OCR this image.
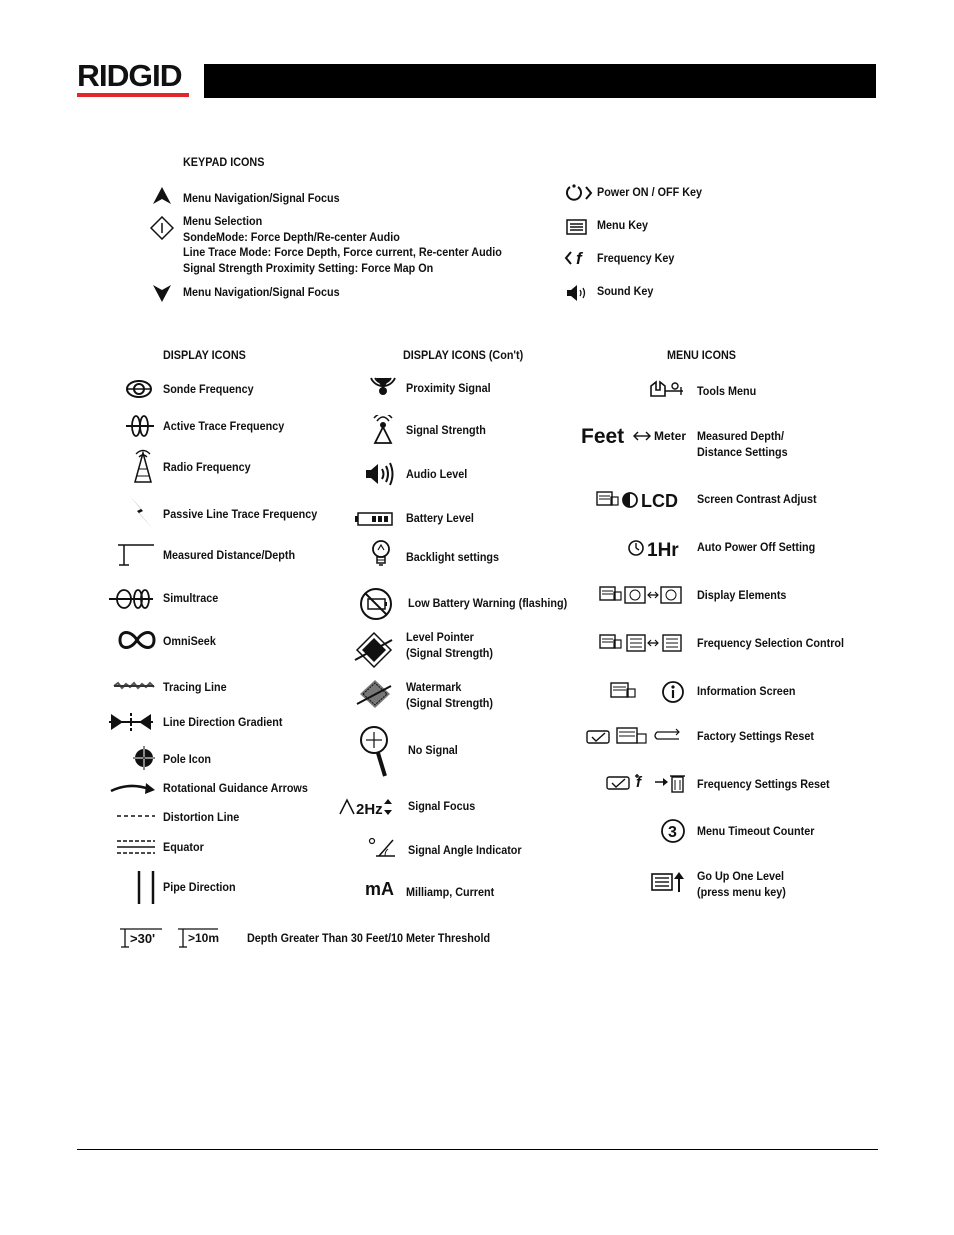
RIDGID
KEYPAD ICONS
Menu Navigation/Signal Focus
Menu Selection
SondeMode: Force Depth/Re-center Audio
Line Trace Mode: Force Depth, Force current, Re-center Audio
Signal Strength Proximity Setting: Force Map On
Menu Navigation/Signal Focus
Power ON / OFF Key
Menu Key
f Frequency Key
Sound Key
DISPLAY ICONS
Sonde Frequency
Active Trace Frequency
Radio Frequency
Passive Line Trace Frequency
Measured Distance/Depth
Simultrace
OmniSeek
Tracing Line
Line Direction Gradient
Pole Icon
Rotational Guidance Arrows
Distortion Line
Equator
Pipe Direction
DISPLAY ICONS (Con't)
Proximity Signal
Signal Strength
Audio Level
Battery Level
Backlight settings
Low Battery Warning (flashing)
Level Pointer
(Signal Strength)
Watermark
(Signal Strength)
No Signal
2Hz Signal Focus
Signal Angle Indicator
mA Milliamp, Current
MENU ICONS
Tools Menu
Feet Meter Measured Depth/
Distance Settings
LCD Screen Contrast Adjust
1Hr Auto Power Off Setting
Display Elements
Frequency Selection Control
Information Screen
Factory Settings Reset
f	Frequency Settings Reset
3 Menu Timeout Counter
Go Up One Level
(press menu key)
>30'	>10m Depth Greater Than 30 Feet/10 Meter Threshold
